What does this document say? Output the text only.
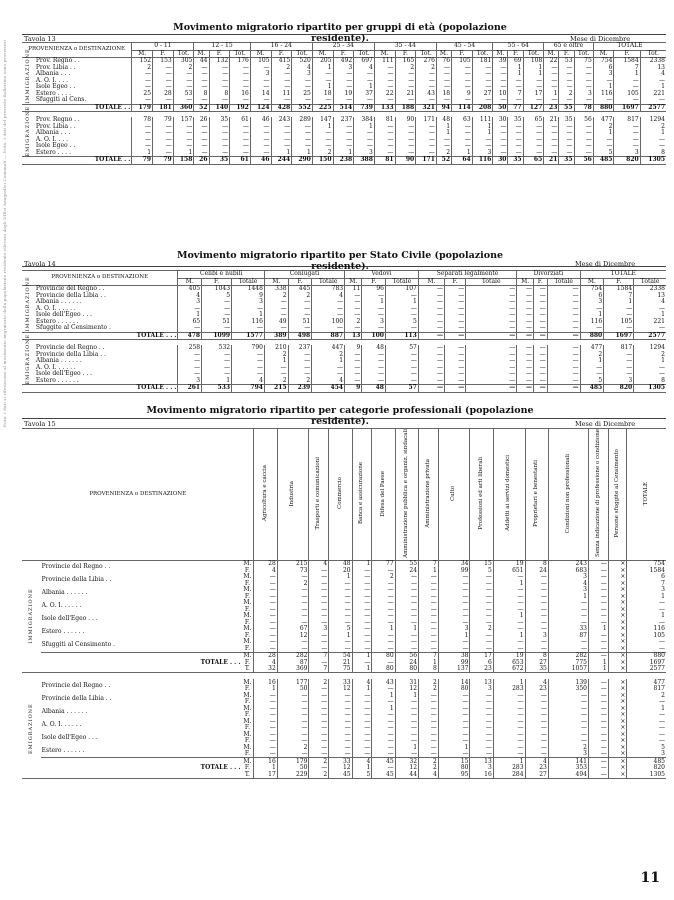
Nota: i dati si riferiscono al movimento migratorio della popolazione residente rilevato dagli Uffici Anagrafici Comunali — Nota. I dati del presente Bollettino sono provvisori
Tavola 13
Movimento migratorio ripartito per gruppi di età (popolazione residente).	Mese di Dicembre
PROVENIENZA o DESTINAZIONE		0 - 11			12 - 15			16 - 24			25 - 34			35 - 44			45 - 54			55 - 64			65 e oltre			TOTALE		
		M.	F.	Tot.	M.	F.	Tot.	M.	F.	Tot.	M.	F.	Tot.	M.	F.	Tot.	M.	F.	Tot.	M.	F.	Tot.	M.	F.	Tot.	M.	F.	Tot.
IMMIGRAZIONE	Prov. Regno . .	152	153	305	44	132	176	105	415	520	205	492	697	111	165	276	76	105	181	39	69	108	22	53	75	754	1584	2338
	Prov. Libia . .	2	—	2	—	—	—	—	2	4	1	3	4	—	2	2	—	—	—	—	1	1	—	—	—	6	7	13
	Albania . . .	—	—	—	—	—	—	3	—	3	—	—	—	—	—	—	—	—	—	—	1	1	—	—	—	3	1	4
	A. O. I. . . .	—	—	—	—	—	—	—	—	—	—	—	—	—	—	—	—	—	—	—	—	—	—	—	—	—	—	—
	Isole Egeo . .	—	—	—	—	—	—	—	—	—	1	—	1	—	—	—	—	—	—	—	—	—	—	—	—	1	—	1
	Estero . . . .	25	28	53	8	8	16	14	11	25	18	19	37	22	21	43	18	9	27	10	7	17	1	2	3	116	105	221
	Sfuggiti al Cens.	—	—	—	—	—	—	—	—	—	—	—	—	—	—	—	—	—	—	—	—	—	—	—	—	—	—	—
TOTALE . .		179	181	360	52	140	192	124	428	552	225	514	739	133	188	321	94	114	208	50	77	127	23	55	78	880	1697	2577

EMIGRAZIONE	Prov. Regno . .	78	79	157	26	35	61	46	243	289	147	237	384	81	90	171	48	63	111	30	35	65	21	35	56	477	817	1294
	Prov. Libia . .	—	—	—	—	—	—	—	—	—	1	—	1	—	—	—	1	—	1	—	—	—	—	—	—	2	—	2
	Albania . . .	—	—	—	—	—	—	—	—	—	—	—	—	—	—	—	1	—	1	—	—	—	—	—	—	1	—	1
	A. O. I. . . .	—	—	—	—	—	—	—	—	—	—	—	—	—	—	—	—	—	—	—	—	—	—	—	—	—	—	—
	Isole Egeo . .	—	—	—	—	—	—	—	—	—	—	—	—	—	—	—	—	—	—	—	—	—	—	—	—	—	—	—
	Estero . . . .	1	—	1	—	—	—	—	1	1	2	1	3	—	—	—	2	1	3	—	—	—	—	—	—	5	3	8
TOTALE . .		79	79	158	26	35	61	46	244	290	150	238	388	81	90	171	52	64	116	30	35	65	21	35	56	485	820	1305

Tavola 14
Movimento migratorio ripartito per Stato Civile (popolazione residente).	Mese di Dicembre
PROVENIENZA o DESTINAZIONE		Celibi e nubili			Coniugati			Vedovi			Separati legalmente			Divorziati			TOTALE		
		M.	F.	Totale	M.	F.	Totale	M.	F.	Totale	M.	F.	Totale	M.	F.	Totale	M.	F.	Totale
IMMIGRAZIONE	Provincie del Regno . .	405	1043	1448	338	445	783	11	96	107	—	—	—	—	—	—	754	1584	2338
	Provincie della Libia . .	4	5	9	2	2	4	—	—	—	—	—	—	—	—	—	6	7	13
	Albania . . . . . .	3	—	3	—	—	—	—	1	1	—	—	—	—	—	—	3	1	4
	A. O. I. . . . . .	—	—	—	—	—	—	—	—	—	—	—	—	—	—	—	—	—	—
	Isole dell'Egeo . . .	1	—	1	—	—	—	—	—	—	—	—	—	—	—	—	1	—	1
	Estero . . . . . .	65	51	116	49	51	100	2	3	5	—	—	—	—	—	—	116	105	221
	Sfuggite al Censimento .	—	—	—	—	—	—	—	—	—	—	—	—	—	—	—	—	—	—
TOTALE . . .		478	1099	1577	389	498	887	13	100	113	—	—	—	—	—	—	880	1697	2577

EMIGRAZIONE	Provincie del Regno . .	258	532	790	210	237	447	9	48	57	—	—	—	—	—	—	477	817	1294
	Provincie della Libia . .	—	—	—	2	—	2	—	—	—	—	—	—	—	—	—	2	—	2
	Albania . . . . . .	—	—	—	1	—	1	—	—	—	—	—	—	—	—	—	1	—	1
	A. O. I. . . . . .	—	—	—	—	—	—	—	—	—	—	—	—	—	—	—	—	—	—
	Isole dell'Egeo . . .	—	—	—	—	—	—	—	—	—	—	—	—	—	—	—	—	—	—
	Estero . . . . . .	3	1	4	2	2	4	—	—	—	—	—	—	—	—	—	5	3	8
TOTALE . . .		261	533	794	215	239	454	9	48	57	—	—	—	—	—	—	485	820	1305

Tavola 15
Movimento migratorio ripartito per categorie professionali (popolazione residente).	Mese di Dicembre
PROVENIENZA o DESTINAZIONE			Agricoltura e caccia	Industria	Trasporti e comunicazioni	Commercio	Banca e assicurazione	Difesa del Paese	Amministrazione pubblica e organiz. sindacali	Amministrazione privata	Culto	Professioni ed arti liberali	Addetti ai servizi domestici	Proprietari e benestanti	Condizioni non professionali	Senza indicazione di professione o condizione	Persone sfuggite al Censimento	TOTALE
IMMIGRAZIONE	Provincie del Regno . .	M.	28	215	4	48	1	77	55	7	34	15	19	8	243	—	×	754
		F.	4	73	—	20	—	—	24	1	99	5	651	24	683	—	×	1584
	Provincie della Libia . .	M.	—	—	—	1	—	2	—	—	—	—	—	—	3	—	×	6
		F.	—	2	—	—	—	—	—	—	—	—	1	—	4	—	×	7
	Albania . . . . . .	M.	—	—	—	—	—	—	—	—	—	—	—	—	3	—	×	3
		F.	—	—	—	—	—	—	—	—	—	—	—	—	1	—	×	1
	A. O. I. . . . . .	M.	—	—	—	—	—	—	—	—	—	—	—	—	—	—	×	—
		F.	—	—	—	—	—	—	—	—	—	—	—	—	—	—	×	—
	Isole dell'Egeo . . .	M.	—	—	—	—	—	—	—	—	—	—	1	—	—	—	×	1
		F.	—	—	—	—	—	—	—	—	—	—	—	—	—	—	×	—
	Estero . . . . . .	M.	—	67	3	5	—	1	1	—	3	2	—	—	33	1	×	116
		F.	—	12	—	1	—	—	—	—	1	—	1	3	87	—	×	105
	Sfuggiti al Censimento .	M.	—	—	—	—	—	—	—	—	—	—	—	—	—	—	×	—
		F.	—	—	—	—	—	—	—	—	—	—	—	—	—	—	×	—
	TOTALE . . .	M.	28	282	7	54	1	80	56	7	38	17	19	8	282	—	×	880
		F.	4	87	—	21	—	—	24	1	99	6	653	27	775	1	×	1697
		T.	32	369	7	75	1	80	80	8	137	23	672	35	1057	1	×	2577

EMIGRAZIONE	Provincie del Regno . .	M.	16	177	2	33	4	43	31	2	14	13	1	4	139	—	×	477
		F.	1	50	—	12	1	—	12	2	80	3	283	23	350	—	×	817
	Provincie della Libia . .	M.	—	—	—	—	—	1	1	—	—	—	—	—	—	—	×	2
		F.	—	—	—	—	—	—	—	—	—	—	—	—	—	—	×	—
	Albania . . . . . .	M.	—	—	—	—	—	1	—	—	—	—	—	—	—	—	×	1
		F.	—	—	—	—	—	—	—	—	—	—	—	—	—	—	×	—
	A. O. I. . . . . .	M.	—	—	—	—	—	—	—	—	—	—	—	—	—	—	×	—
		F.	—	—	—	—	—	—	—	—	—	—	—	—	—	—	×	—
	Isole dell'Egeo . . .	M.	—	—	—	—	—	—	—	—	—	—	—	—	—	—	×	—
		F.	—	—	—	—	—	—	—	—	—	—	—	—	—	—	×	—
	Estero . . . . . .	M.	—	2	—	—	—	—	1	—	1	—	—	—	2	—	×	5
		F.	—	—	—	—	—	—	—	—	—	—	—	—	3	—	×	3
	TOTALE . . .	M.	16	179	2	33	4	45	32	2	15	13	1	4	141	—	×	485
		F.	1	50	—	12	1	—	12	2	80	3	283	23	353	—	×	820
		T.	17	229	2	45	5	45	44	4	95	16	284	27	494	—	×	1305

11
